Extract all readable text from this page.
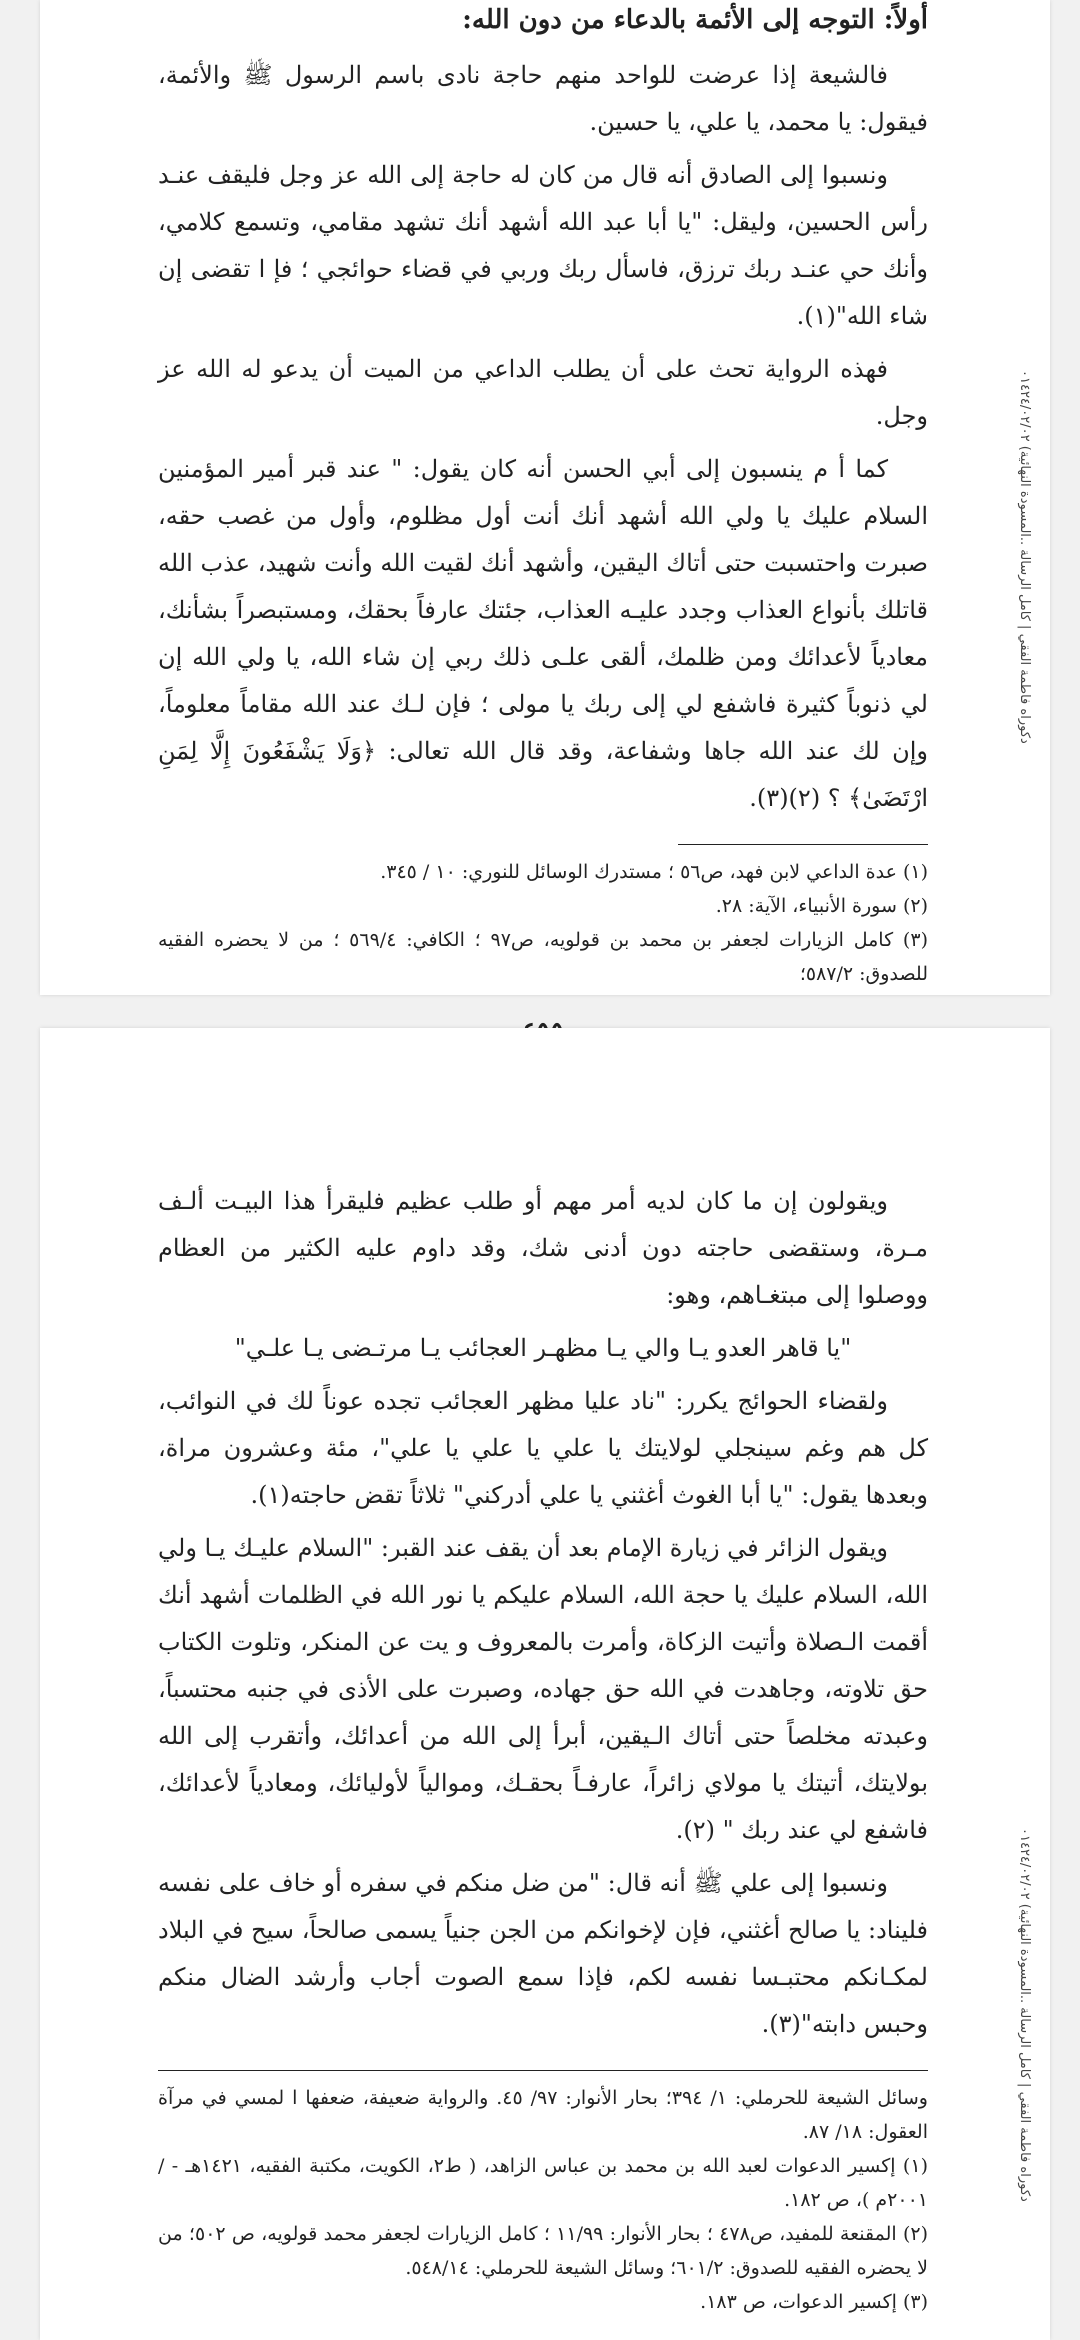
أولاً: التوجه إلى الأئمة بالدعاء من دون الله:
فالشيعة إذا عرضت للواحد منهم حاجة نادى باسم الرسول ﷺ والأئمة، فيقول: يا محمد، يا علي، يا حسين.
ونسبوا إلى الصادق أنه قال من كان له حاجة إلى الله عز وجل فليقف عنـد رأس الحسين، وليقل: "يا أبا عبد الله أشهد أنك تشهد مقامي، وتسمع كلامي، وأنك حي عنـد ربك ترزق، فاسأل ربك وربي في قضاء حوائجي ؛ فإ ا تقضى إن شاء الله"(١).
فهذه الرواية تحث على أن يطلب الداعي من الميت أن يدعو له الله عز وجل.
كما أ م ينسبون إلى أبي الحسن أنه كان يقول: " عند قبر أمير المؤمنين السلام عليك يا ولي الله أشهد أنك أنت أول مظلوم، وأول من غصب حقه، صبرت واحتسبت حتى أتاك اليقين، وأشهد أنك لقيت الله وأنت شهيد، عذب الله قاتلك بأنواع العذاب وجدد عليـه العذاب، جئتك عارفاً بحقك، ومستبصراً بشأنك، معادياً لأعدائك ومن ظلمك، ألقى علـى ذلك ربي إن شاء الله، يا ولي الله إن لي ذنوباً كثيرة فاشفع لي إلى ربك يا مولى ؛ فإن لـك عند الله مقاماً معلوماً، وإن لك عند الله جاها وشفاعة، وقد قال الله تعالى: ﴿وَلَا يَشْفَعُونَ إِلَّا لِمَنِ ارْتَضَىٰ﴾ ؟ (٢)(٣).
(١) عدة الداعي لابن فهد، ص٥٦ ؛ مستدرك الوسائل للنوري: ١٠ / ٣٤٥.
(٢) سورة الأنبياء، الآية: ٢٨.
(٣) كامل الزيارات لجعفر بن محمد بن قولويه، ص٩٧ ؛ الكافي: ٥٦٩/٤ ؛ من لا يحضره الفقيه للصدوق: ٥٨٧/٢؛
دكوراه فاطمة الفقي | كامل الرسالة ..المسودة النهائية) ٠١٤٢٤/٠٢/٠٢
ويقولون إن ما كان لديه أمر مهم أو طلب عظيم فليقرأ هذا البيـت ألـف مـرة، وستقضى حاجته دون أدنى شك، وقد داوم عليه الكثير من العظام ووصلوا إلى مبتغـاهم، وهو:
"يا قاهر العدو يـا والي يـا مظهـر العجائب يـا مرتـضى يـا علـي"
ولقضاء الحوائج يكرر: "ناد عليا مظهر العجائب تجده عوناً لك في النوائب، كل هم وغم سينجلي لولايتك يا علي يا علي يا علي"، مئة وعشرون مراة، وبعدها يقول: "يا أبا الغوث أغثني يا علي أدركني" ثلاثاً تقض حاجته(١).
ويقول الزائر في زيارة الإمام بعد أن يقف عند القبر: "السلام عليـك يـا ولي الله، السلام عليك يا حجة الله، السلام عليكم يا نور الله في الظلمات أشهد أنك أقمت الـصلاة وأتيت الزكاة، وأمرت بالمعروف و يت عن المنكر، وتلوت الكتاب حق تلاوته، وجاهدت في الله حق جهاده، وصبرت على الأذى في جنبه محتسباً، وعبدته مخلصاً حتى أتاك الـيقين، أبرأ إلى الله من أعدائك، وأتقرب إلى الله بولايتك، أتيتك يا مولاي زائراً، عارفـاً بحقـك، وموالياً لأوليائك، ومعادياً لأعدائك، فاشفع لي عند ربك " (٢).
ونسبوا إلى علي ﷺ أنه قال: "من ضل منكم في سفره أو خاف على نفسه فليناد: يا صالح أغثني، فإن لإخوانكم من الجن جنياً يسمى صالحاً، سيح في البلاد لمكـانكم محتبـسا نفسه لكم، فإذا سمع الصوت أجاب وأرشد الضال منكم وحبس دابته"(٣).
وسائل الشيعة للحرملي: ١/ ٣٩٤؛ بحار الأنوار: ٩٧/ ٤٥. والرواية ضعيفة، ضعفها ا لمسي في مرآة العقول: ١٨/ ٨٧.
(١) إكسير الدعوات لعبد الله بن محمد بن عباس الزاهد، ( ط٢، الكويت، مكتبة الفقيه، ١٤٢١هـ - / ٢٠٠١م )، ص ١٨٢.
(٢) المقنعة للمفيد، ص٤٧٨ ؛ بحار الأنوار: ١١/٩٩ ؛ كامل الزيارات لجعفر محمد قولويه، ص ٥٠٢؛ من لا يحضره الفقيه للصدوق: ٦٠١/٢؛ وسائل الشيعة للحرملي: ٥٤٨/١٤.
(٣) إكسير الدعوات، ص ١٨٣.
دكوراه فاطمة الفقي | كامل الرسالة ..المسودة النهائية) ٠١٤٢٤/٠٢/٠٢
